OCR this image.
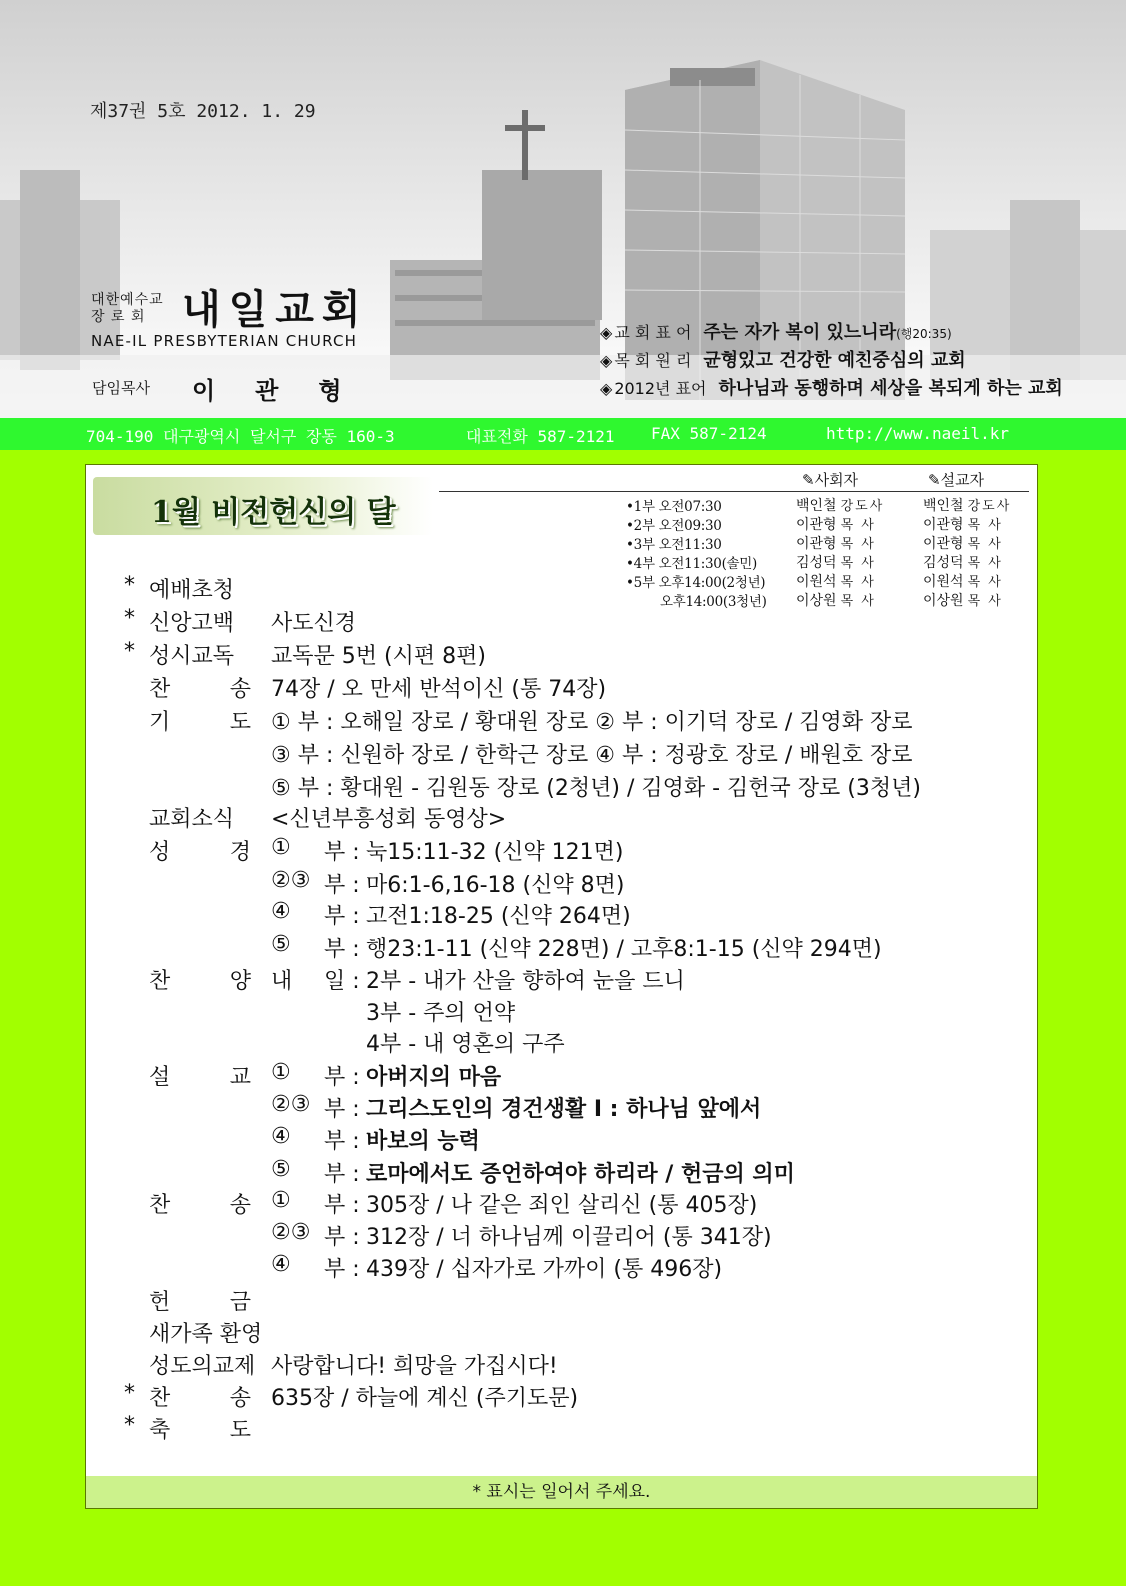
제37권 5호 2012. 1. 29
대한예수교
장 로 회 내일교회
NAE-IL PRESBYTERIAN CHURCH
담임목사 이관형
◈ 교 회 표 어 주는 자가 복이 있느니라(행20:35)
◈ 목 회 원 리 균형있고 건강한 예친중심의 교회
◈ 2012년 표어 하나님과 동행하며 세상을 복되게 하는 교회
704-190 대구광역시 달서구 장동 160-3	대표전화 587-2121 FAX 587-2124	http://www.naeil.kr
1월 비전헌신의 달
✎사회자	✎설교자
•1부 오전07:30	백인철 강도사	백인철 강도사
•2부 오전09:30	이관형 목 사	이관형 목 사
•3부 오전11:30	이관형 목 사	이관형 목 사
•4부 오전11:30(솔민)	김성덕 목 사	김성덕 목 사
•5부 오후14:00(2청년)	이원석 목 사	이원석 목 사
오후14:00(3청년)	이상원 목 사	이상원 목 사
* 예배초청
* 신앙고백	사도신경
* 성시교독	교독문 5번 (시편 8편)
찬	송 74장 / 오 만세 반석이신 (통 74장)
기	도 ① 부 : 오해일 장로 / 황대원 장로 ② 부 : 이기덕 장로 / 김영화 장로
③ 부 : 신원하 장로 / 한학근 장로 ④ 부 : 정광호 장로 / 배원호 장로
⑤ 부 : 황대원 - 김원동 장로 (2청년) / 김영화 - 김헌국 장로 (3청년)
교회소식	<신년부흥성회 동영상>
성	경 ① 부 : 눅15:11-32 (신약 121면)
②③ 부 : 마6:1-6,16-18 (신약 8면)
④ 부 : 고전1:18-25 (신약 264면)
⑤ 부 : 행23:1-11 (신약 228면) / 고후8:1-15 (신약 294면)
찬	양 내 일 : 2부 - 내가 산을 향하여 눈을 드니
3부 - 주의 언약
4부 - 내 영혼의 구주
설	교 ① 부 : 아버지의 마음
②③ 부 : 그리스도인의 경건생활 Ⅰ : 하나님 앞에서
④ 부 : 바보의 능력
⑤ 부 : 로마에서도 증언하여야 하리라 / 헌금의 의미
찬	송 ① 부 : 305장 / 나 같은 죄인 살리신 (통 405장)
②③ 부 : 312장 / 너 하나님께 이끌리어 (통 341장)
④ 부 : 439장 / 십자가로 가까이 (통 496장)
헌	금
새가족 환영
성도의교제 사랑합니다! 희망을 가집시다!
* 찬	송 635장 / 하늘에 계신 (주기도문)
* 축	도
* 표시는 일어서 주세요.
